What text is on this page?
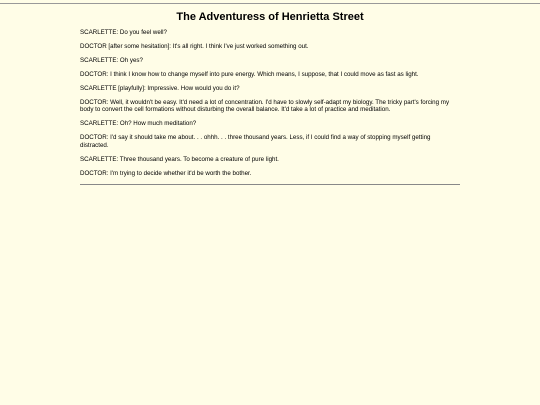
The Adventuress of Henrietta Street

SCARLETTE: Do you feel well?

DOCTOR [after some hesitation]: It's all right. I think I've just worked something out.

SCARLETTE: Oh yes?

DOCTOR: I think I know how to change myself into pure energy. Which means, I suppose, that I could move as fast as light.

SCARLETTE [playfully]: Impressive. How would you do it?

DOCTOR: Well, it wouldn't be easy. It'd need a lot of concentration. I'd have to slowly self-adapt my biology. The tricky part's forcing my body to convert the cell formations without disturbing the overall balance. It'd take a lot of practice and meditation.

SCARLETTE: Oh? How much meditation?

DOCTOR: I'd say it should take me about. . . ohhh. . . three thousand years. Less, if I could find a way of stopping myself getting distracted.

SCARLETTE: Three thousand years. To become a creature of pure light.

DOCTOR: I'm trying to decide whether it'd be worth the bother.
